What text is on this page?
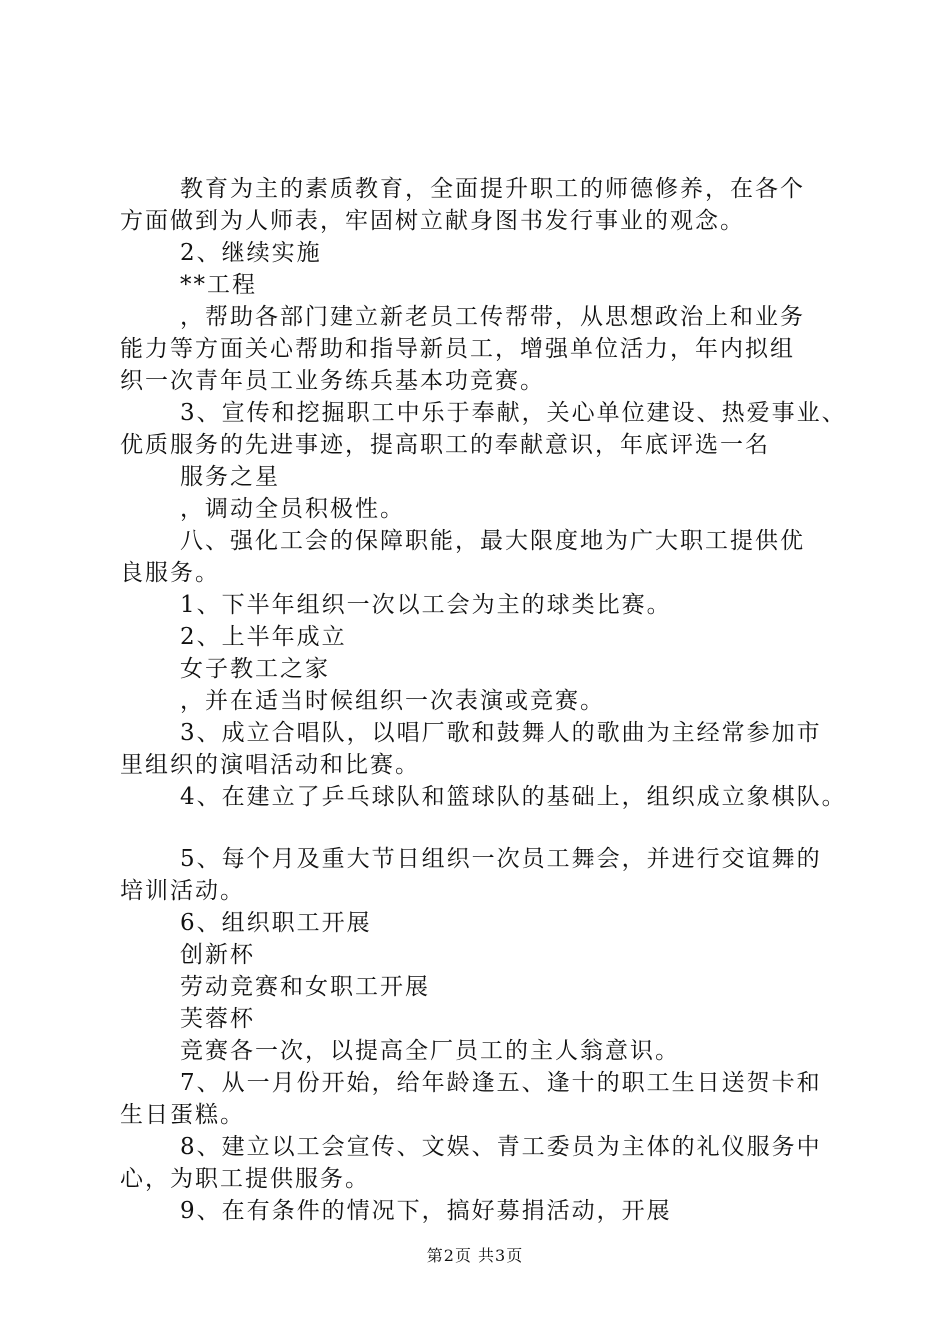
教育为主的素质教育，全面提升职工的师德修养，在各个
方面做到为人师表，牢固树立献身图书发行事业的观念。
2、继续实施
**工程
，帮助各部门建立新老员工传帮带，从思想政治上和业务
能力等方面关心帮助和指导新员工，增强单位活力，年内拟组
织一次青年员工业务练兵基本功竞赛。
3、宣传和挖掘职工中乐于奉献，关心单位建设、热爱事业、
优质服务的先进事迹，提高职工的奉献意识，年底评选一名
服务之星
，调动全员积极性。
八、强化工会的保障职能，最大限度地为广大职工提供优
良服务。
1、下半年组织一次以工会为主的球类比赛。
2、上半年成立
女子教工之家
，并在适当时候组织一次表演或竞赛。
3、成立合唱队，以唱厂歌和鼓舞人的歌曲为主经常参加市
里组织的演唱活动和比赛。
4、在建立了乒乓球队和篮球队的基础上，组织成立象棋队。
5、每个月及重大节日组织一次员工舞会，并进行交谊舞的
培训活动。
6、组织职工开展
创新杯
劳动竞赛和女职工开展
芙蓉杯
竞赛各一次，以提高全厂员工的主人翁意识。
7、从一月份开始，给年龄逢五、逢十的职工生日送贺卡和
生日蛋糕。
8、建立以工会宣传、文娱、青工委员为主体的礼仪服务中
心，为职工提供服务。
9、在有条件的情况下，搞好募捐活动，开展
第2页 共3页
